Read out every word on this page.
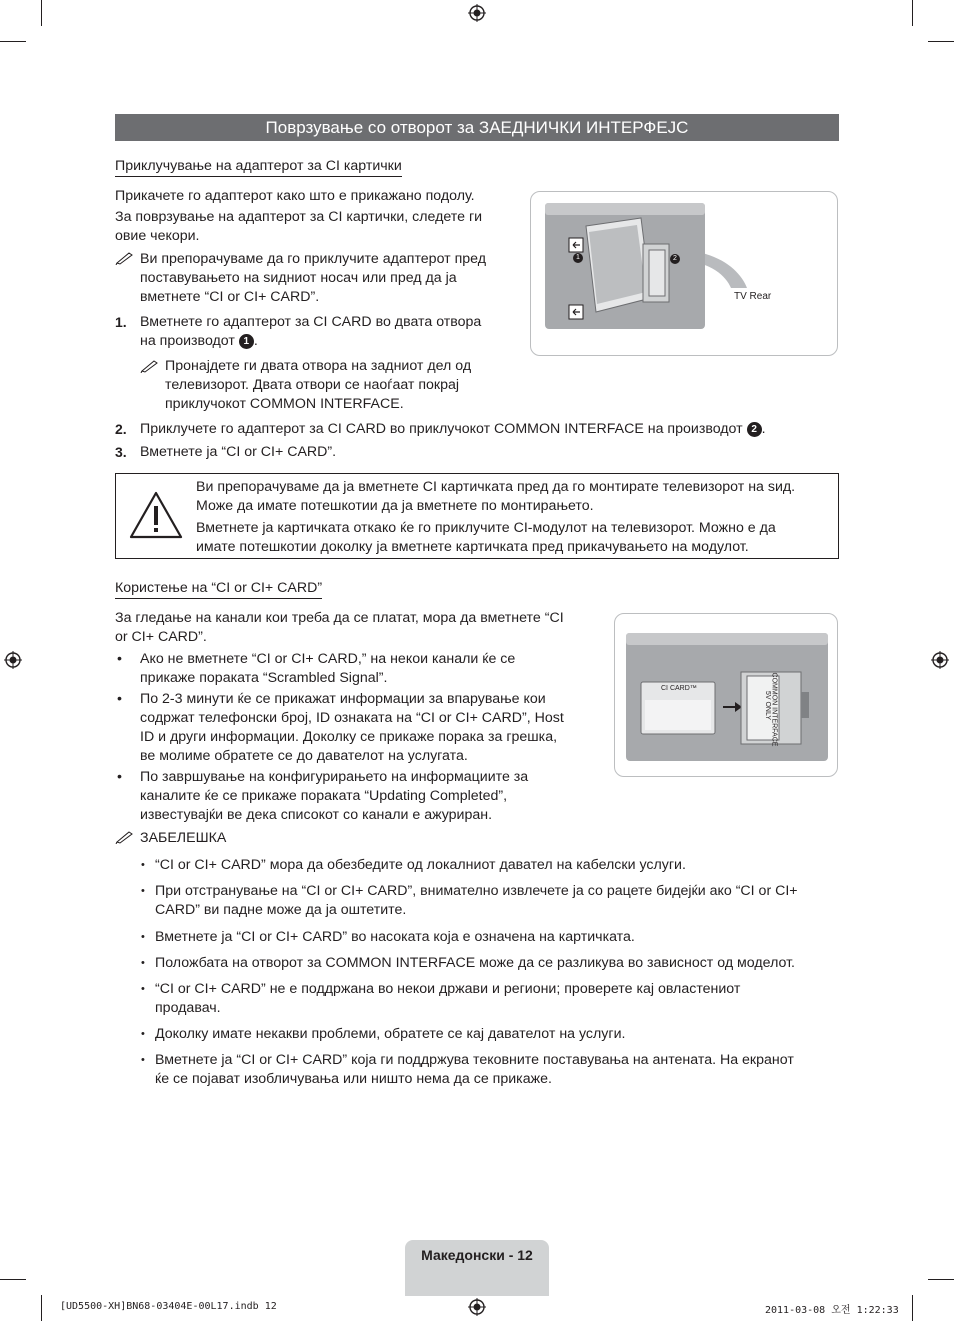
Поврзување со отворот за ЗАЕДНИЧКИ ИНТЕРФЕЈС
Приклучување на адаптерот за CI картички
Прикачете го адаптерот како што е прикажано подолу.
За поврзување на адаптерот за CI картички, следете ги
овие чекори.
Ви препорачуваме да го приклучите адаптерот пред
поставувањето на ѕидниот носач или пред да ја
вметнете “CI or CI+ CARD”.
1. Вметнете го адаптерот за CI CARD во двата отвора
на производот 1 .
Пронајдете ги двата отвора на задниот дел од
телевизорот. Двата отвори се наоѓаат покрај
приклучокот COMMON INTERFACE.
2. Приклучете го адаптерот за CI CARD во приклучокот COMMON INTERFACE на производот 2 .
3. Вметнете ја “CI or CI+ CARD”.
1	2
TV Rear
Ви препорачуваме да ја вметнете CI картичката пред да го монтирате телевизорот на ѕид.
Може да имате потешкотии да ја вметнете по монтирањето.
Вметнете ја картичката откако ќе го приклучите CI-модулот на телевизорот. Можно е да
имате потешкотии доколку ја вметнете картичката пред прикачувањето на модулот.
Користење на “CI or CI+ CARD”
За гледање на канали кои треба да се платат, мора да вметнете “CI
or CI+ CARD”.
• Ако не вметнете “CI or CI+ CARD,” на некои канали ќе се
прикаже пораката “Scrambled Signal”.
• По 2-3 минути ќе се прикажат информации за впарување кои
содржат телефонски број, ID ознаката на “CI or CI+ CARD”, Host
ID и други информации. Доколку се прикаже порака за грешка,
ве молиме обратете се до давателот на услугата.
• По завршување на конфигурирањето на информациите за
каналите ќе се прикаже пораката “Updating Completed”,
известувајќи ве дека списокот со канали е ажуриран.
CI CARD™	COMMON INTERFACE
5V ONLY
ЗАБЕЛЕШКА
• “CI or CI+ CARD” мора да обезбедите од локалниот давател на кабелски услуги.
• При отстранување на “CI or CI+ CARD”, внимателно извлечете ја со рацете бидејќи ако “CI or CI+
CARD” ви падне може да ја оштетите.
• Вметнете ја “CI or CI+ CARD” во насоката која е означена на картичката.
• Положбата на отворот за COMMON INTERFACE може да се разликува во зависност од моделот.
• “CI or CI+ CARD” не е поддржана во некои држави и региони; проверете кај овластениот
продавач.
• Доколку имате некакви проблеми, обратете се кај давателот на услуги.
• Вметнете ја “CI or CI+ CARD” која ги поддржува тековните поставувања на антената. На екранот
ќе се појават изобличувања или ништо нема да се прикаже.
Македонски - 12
[UD5500-XH]BN68-03404E-00L17.indb 12	2011-03-08 오전 1:22:33
